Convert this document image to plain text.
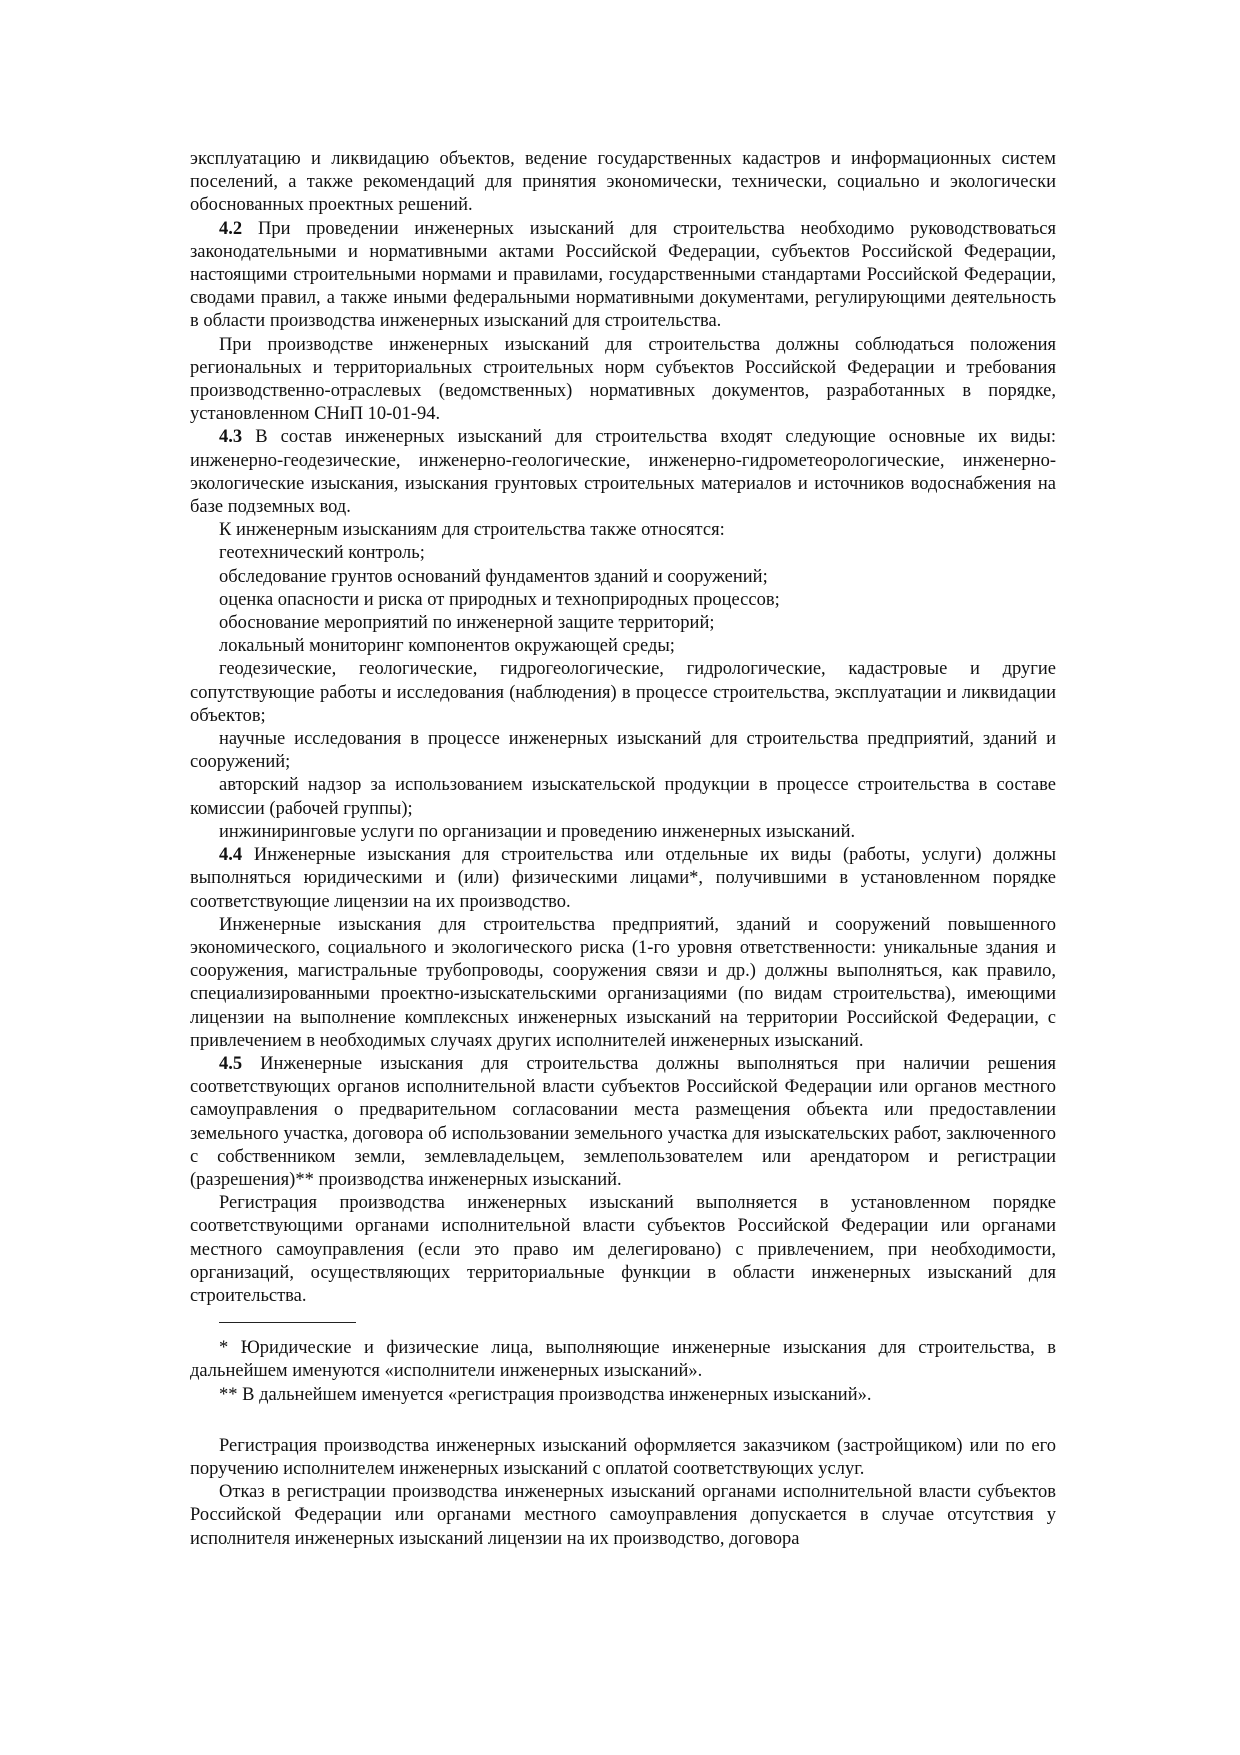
эксплуатацию и ликвидацию объектов, ведение государственных кадастров и информационных систем поселений, а также рекомендаций для принятия экономически, технически, социально и экологически обоснованных проектных решений.

4.2 При проведении инженерных изысканий для строительства необходимо руководствоваться законодательными и нормативными актами Российской Федерации, субъектов Российской Федерации, настоящими строительными нормами и правилами, государственными стандартами Российской Федерации, сводами правил, а также иными федеральными нормативными документами, регулирующими деятельность в области производства инженерных изысканий для строительства.

При производстве инженерных изысканий для строительства должны соблюдаться положения региональных и территориальных строительных норм субъектов Российской Федерации и требования производственно-отраслевых (ведомственных) нормативных документов, разработанных в порядке, установленном СНиП 10-01-94.

4.3 В состав инженерных изысканий для строительства входят следующие основные их виды: инженерно-геодезические, инженерно-геологические, инженерно-гидрометеорологические, инженерно-экологические изыскания, изыскания грунтовых строительных материалов и источников водоснабжения на базе подземных вод.

К инженерным изысканиям для строительства также относятся:

геотехнический контроль;

обследование грунтов оснований фундаментов зданий и сооружений;

оценка опасности и риска от природных и техноприродных процессов;

обоснование мероприятий по инженерной защите территорий;

локальный мониторинг компонентов окружающей среды;

геодезические, геологические, гидрогеологические, гидрологические, кадастровые и другие сопутствующие работы и исследования (наблюдения) в процессе строительства, эксплуатации и ликвидации объектов;

научные исследования в процессе инженерных изысканий для строительства предприятий, зданий и сооружений;

авторский надзор за использованием изыскательской продукции в процессе строительства в составе комиссии (рабочей группы);

инжиниринговые услуги по организации и проведению инженерных изысканий.

4.4 Инженерные изыскания для строительства или отдельные их виды (работы, услуги) должны выполняться юридическими и (или) физическими лицами*, получившими в установленном порядке соответствующие лицензии на их производство.

Инженерные изыскания для строительства предприятий, зданий и сооружений повышенного экономического, социального и экологического риска (1-го уровня ответственности: уникальные здания и сооружения, магистральные трубопроводы, сооружения связи и др.) должны выполняться, как правило, специализированными проектно-изыскательскими организациями (по видам строительства), имеющими лицензии на выполнение комплексных инженерных изысканий на территории Российской Федерации, с привлечением в необходимых случаях других исполнителей инженерных изысканий.

4.5 Инженерные изыскания для строительства должны выполняться при наличии решения соответствующих органов исполнительной власти субъектов Российской Федерации или органов местного самоуправления о предварительном согласовании места размещения объекта или предоставлении земельного участка, договора об использовании земельного участка для изыскательских работ, заключенного с собственником земли, землевладельцем, землепользователем или арендатором и регистрации (разрешения)** производства инженерных изысканий.

Регистрация производства инженерных изысканий выполняется в установленном порядке соответствующими органами исполнительной власти субъектов Российской Федерации или органами местного самоуправления (если это право им делегировано) с привлечением, при необходимости, организаций, осуществляющих территориальные функции в области инженерных изысканий для строительства.

* Юридические и физические лица, выполняющие инженерные изыскания для строительства, в дальнейшем именуются «исполнители инженерных изысканий».

** В дальнейшем именуется «регистрация производства инженерных изысканий».

Регистрация производства инженерных изысканий оформляется заказчиком (застройщиком) или по его поручению исполнителем инженерных изысканий с оплатой соответствующих услуг.

Отказ в регистрации производства инженерных изысканий органами исполнительной власти субъектов Российской Федерации или органами местного самоуправления допускается в случае отсутствия у исполнителя инженерных изысканий лицензии на их производство, договора
